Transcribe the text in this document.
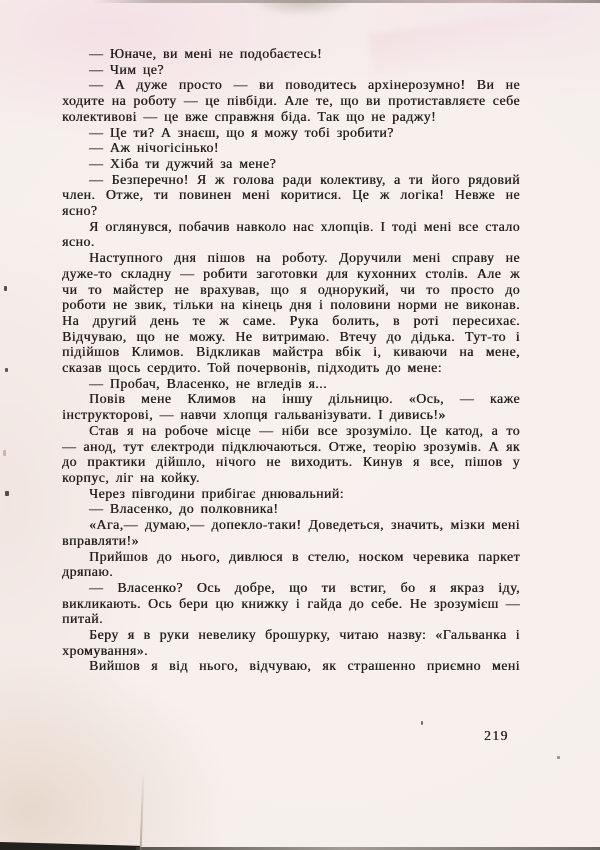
— Юначе, ви мені не подобаєтесь!

— Чим це?

— А дуже просто — ви поводитесь архінерозумно! Ви не ходите на роботу — це півбіди. Але те, що ви протиставляєте себе колективові — це вже справжня біда. Так що не раджу!

— Це ти? А знаєш, що я можу тобі зробити?

— Аж нічогісінько!

— Хіба ти дужчий за мене?

— Безперечно! Я ж голова ради колективу, а ти його рядовий член. Отже, ти повинен мені коритися. Це ж логіка! Невже не ясно?

Я оглянувся, побачив навколо нас хлопців. І тоді мені все стало ясно.

Наступного дня пішов на роботу. Доручили мені справу не дуже-то складну — робити заготовки для кухонних столів. Але ж чи то майстер не врахував, що я однорукий, чи то просто до роботи не звик, тільки на кінець дня і половини норми не виконав. На другий день те ж саме. Рука болить, в роті пересихає. Відчуваю, що не можу. Не витримаю. Втечу до дідька. Тут-то і підійшов Климов. Відкликав майстра вбік і, киваючи на мене, сказав щось сердито. Той почервонів, підходить до мене:

— Пробач, Власенко, не вгледів я...

Повів мене Климов на іншу дільницю. «Ось, — каже інструкторові, — навчи хлопця гальванізувати. І дивись!»

Став я на робоче місце — ніби все зрозуміло. Це катод, а то — анод, тут єлектроди підключаються. Отже, теорію зрозумів. А як до практики дійшло, нічого не виходить. Кинув я все, пішов у корпус, ліг на койку.

Через півгодини прибігає днювальний:

— Власенко, до полковника!

«Ага,— думаю,— допекло-таки! Доведеться, значить, мізки мені вправляти!»

Прийшов до нього, дивлюся в стелю, носком черевика паркет дряпаю.

— Власенко? Ось добре, що ти встиг, бо я якраз іду, викликають. Ось бери цю книжку і гайда до себе. Не зрозумієш — питай.

Беру я в руки невелику брошурку, читаю назву: «Гальванка і хромування».

Вийшов я від нього, відчуваю, як страшенно приємно мені

219
